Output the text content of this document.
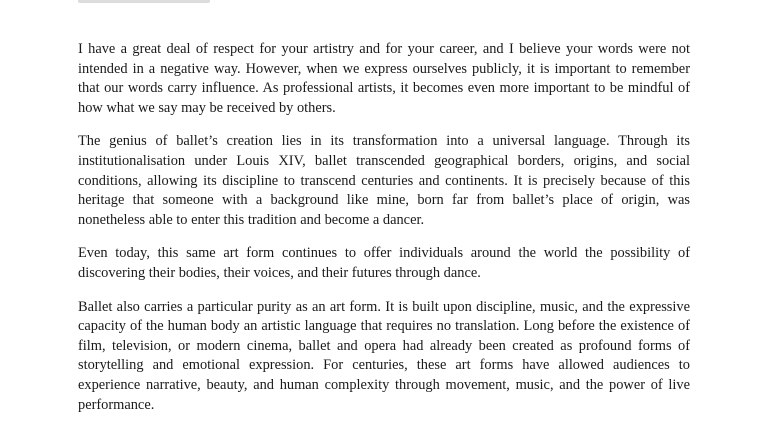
I have a great deal of respect for your artistry and for your career, and I believe your words were not intended in a negative way. However, when we express ourselves publicly, it is important to remember that our words carry influence. As professional artists, it becomes even more important to be mindful of how what we say may be received by others.

The genius of ballet’s creation lies in its transformation into a universal language. Through its institutionalisation under Louis XIV, ballet transcended geographical borders, origins, and social conditions, allowing its discipline to transcend centuries and continents. It is precisely because of this heritage that someone with a background like mine, born far from ballet’s place of origin, was nonetheless able to enter this tradition and become a dancer.

Even today, this same art form continues to offer individuals around the world the possibility of discovering their bodies, their voices, and their futures through dance.

Ballet also carries a particular purity as an art form. It is built upon discipline, music, and the expressive capacity of the human body an artistic language that requires no translation. Long before the existence of film, television, or modern cinema, ballet and opera had already been created as profound forms of storytelling and emotional expression. For centuries, these art forms have allowed audiences to experience narrative, beauty, and human complexity through movement, music, and the power of live performance.
